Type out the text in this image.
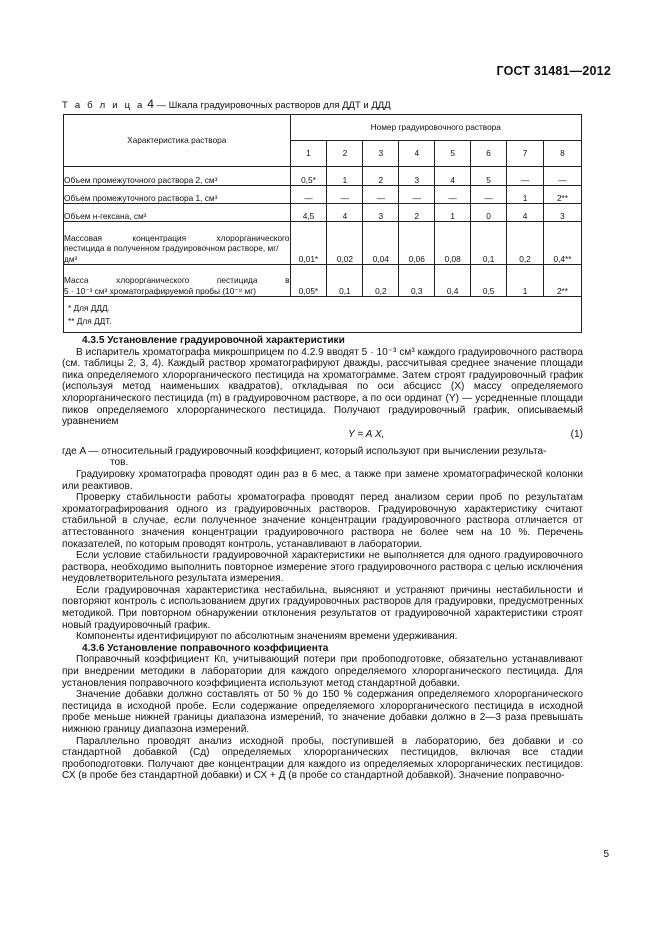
ГОСТ 31481—2012
Т а б л и ц а 4 — Шкала градуировочных растворов для ДДТ и ДДД
Характеристика раствора	Номер градуировочного раствора							
	1	2	3	4	5	6	7	8
Объем промежуточного раствора 2, см³	0,5*	1	2	3	4	5	—	—
Объем промежуточного раствора 1, см³	—	—	—	—	—	—	1	2**
Объем н-гексана, см³	4,5	4	3	2	1	0	4	3

Массовая концентрация хлорорганического
пестицида в полученном градуировочном растворе, мг/дм³	0,01*	0,02	0,04	0,06	0,08	0,1	0,2	0,4**

Масса хлорорганического пестицида в
5 · 10⁻³ см³ хроматографируемой пробы (10⁻⁸ мг)	0,05*	0,1	0,2	0,3	0,4	0,5	1	2**

* Для ДДД.
** Для ДДТ.								

4.3.5 Установление градуировочной характеристики

В испаритель хроматографа микрошприцем по 4.2.9 вводят 5 · 10⁻³ см³ каждого градуировочного раствора (см. таблицы 2, 3, 4). Каждый раствор хроматографируют дважды, рассчитывая среднее значение площади пика определяемого хлорорганического пестицида на хроматограмме. Затем строят градуировочный график (используя метод наименьших квадратов), откладывая по оси абсцисс (X) массу определяемого хлорорганического пестицида (m) в градуировочном растворе, а по оси ординат (Y) — усредненные площади пиков определяемого хлорорганического пестицида. Получают градуировочный график, описываемый уравнением

Y = A X,	(1)

где A — относительный градуировочный коэффициент, который используют при вычислении результа-
тов.

Градуировку хроматографа проводят один раз в 6 мес, а также при замене хроматографической колонки или реактивов.

Проверку стабильности работы хроматографа проводят перед анализом серии проб по результатам хроматографирования одного из градуировочных растворов. Градуировочную характеристику считают стабильной в случае, если полученное значение концентрации градуировочного раствора отличается от аттестованного значения концентрации градуировочного раствора не более чем на 10 %. Перечень показателей, по которым проводят контроль, устанавливают в лаборатории.

Если условие стабильности градуировочной характеристики не выполняется для одного градуировочного раствора, необходимо выполнить повторное измерение этого градуировочного раствора с целью исключения неудовлетворительного результата измерения.

Если градуировочная характеристика нестабильна, выясняют и устраняют причины нестабильности и повторяют контроль с использованием других градуировочных растворов для градуировки, предусмотренных методикой. При повторном обнаружении отклонения результатов от градуировочной характеристики строят новый градуировочный график.

Компоненты идентифицируют по абсолютным значениям времени удерживания.

4.3.6 Установление поправочного коэффициента

Поправочный коэффициент Кп, учитывающий потери при пробоподготовке, обязательно устанавливают при внедрении методики в лаборатории для каждого определяемого хлорорганического пестицида. Для установления поправочного коэффициента используют метод стандартной добавки.

Значение добавки должно составлять от 50 % до 150 % содержания определяемого хлорорганического пестицида в исходной пробе. Если содержание определяемого хлорорганического пестицида в исходной пробе меньше нижней границы диапазона измерений, то значение добавки должно в 2—3 раза превышать нижнюю границу диапазона измерений.

Параллельно проводят анализ исходной пробы, поступившей в лабораторию, без добавки и со стандартной добавкой (Сд) определяемых хлорорганических пестицидов, включая все стадии пробоподготовки. Получают две концентрации для каждого из определяемых хлорорганических пестицидов: СХ (в пробе без стандартной добавки) и СХ + Д (в пробе со стандартной добавкой). Значение поправочно-

5
